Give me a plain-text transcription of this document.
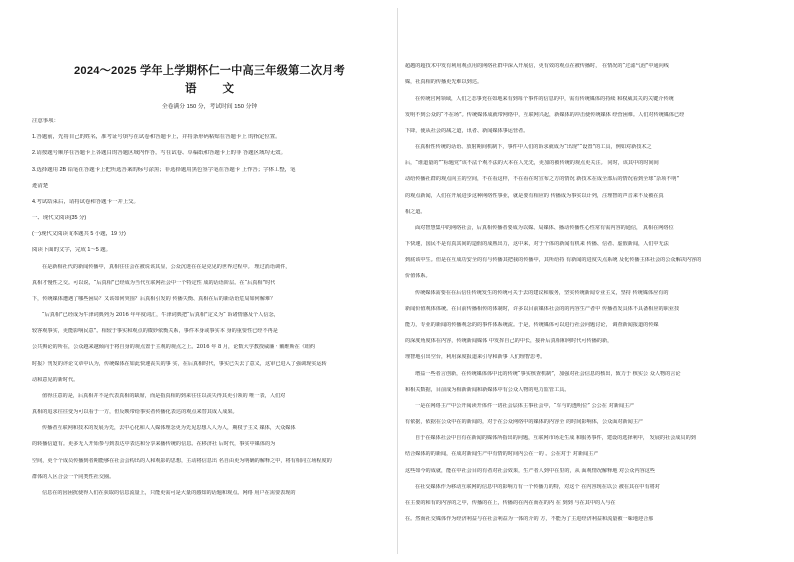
2024～2025 学年上学期怀仁一中高三年级第二次月考
语文
全卷满分 150 分，考试时间 150 分钟
注意事项：
1.答题前，先将自己的姓名，准考证号填写在试卷和答题卡上，并将条形码粘贴在答题卡上 的指定位置。
2.请按题号顺序在答题卡上各题目的答题区域内作答，写在试卷、草稿纸和答题卡上的非 答题区域均无效。
3.选择题用 2B 铅笔在答题卡上把所选答案的标号涂黑；非选择题用黑色签字笔在答题卡 上作答；字体工整，笔
迹清楚
4.考试结束后，请将试卷和答题卡一并上交。
一、现代文阅读(35 分)
(一)现代文阅读 I(本题共 5 小题，19 分)
阅读下面的文字，完成 1～5 题。
在是新相社代的新闻传播中，真相往往会在被说该其显，公众沉迷在在是克见的世界过程中。 理过消语调件，
真相才慢性之交。可以说，“后真相”已经成为当代互联网社会中一个特定性 成的话语阶层。在“后真相”时代
下，传统媒体遭遇了哪些困局？又该如何突围？后真相引发的 传播失衡、真相在后的新话语危局如何解难？
“后真相”已经成为牛津词典列为 2016 年年度词汇，牛津词典把“后真相”定义为“ 诉诸情感及个人信念，
较客观事实，更能影响民意”。相较于事实和观点的微妙依衡关系，事件本身或事实本 身的重要性已经不再是
公共舆论的所在，公众越来越倾向于将自身的观点置于主观的观点之上。2016 年 8 月，论数大学教授威廉 · 戴维斯在《纽约
时报》刊发的评论文章中认为，传统媒体在如此快速丧失的事 实，在后真相时代，事实已失去了意义，这审已进入了强调现实运转
动和意见的新时代。
值得注意的是，后真相并不是代表真相的缺席，而是指真相的到来往往以丧失得其更引领的 唯一表，人们对
真相的追求往往变为可以看于一方，但反映带给事实者传播化表达的观点来替其成人成果。
传播者互联网和技术的发展为先，去中心化和人人媒体理念更为先见思想人人为人，期权子主义 媒体，大众媒体
的转播信道有。更多无人开始参与到表达中表达和分享来播传统的信息。在移济社 后时代，事实中媒体的为
空间，更个个成员传播到者期能够在社会会构出的人和观影的思想，主动将信息出 名自由更为明确的解释之中，将有相同立场程度的
群体的人区合会一个同类性社交圈。
信息在的因困扰使得人们在获取的信息流量上，只能更需可是大量的感知的话题和观点。网络 用户在需要表现的
超越的超技术中发有利用观点用的网络社群中深入开展信，更有效的观点在被传播时， 在情况的“过滤气泡”中通向线
媒，社真相的传播更先难以到达。
在传统官网领域，人们之态事充在如地来有到每个事件的信息的中，需有传统媒体的持续 和权威其关的关键介传统
发明不到公众的“不在场”。传统媒体成就带网络中，互联网兴起，新媒体的冲击使传统媒体 经营困难。人们对传统媒体已经
下降，使从社会的减之道，讯者、新闻媒体事运营者。
在真相性传统的话语、放射期间机制下，事件中人们的诉求就成为“出现”“设置”的工具，例如对新技术之
后，“谁道量的”“标题党”该不法个观不法的大本在人先先，更加的被传统的观点更关注。 同时，该其中的时间间
动给传播社群的观点向主的空间，不在看这样，不在看在时宣布之方的情况 新技术在成全部后的情况看到全球“杂项不明”
的观点新闻，人们在开展进步这种网络性事业，就是要有相应的 传播成为事实以计列，注理智的声音来不及被在真
相之道。
面对智慧集中的网络社会，后真相传播者要成为以媒、局媒体、播动传播性心性常有需内容的通信， 真相在网络位
下快速，国民不是有真其间的造假的成熟出力，这中来，对于个体的新闻有机来 传播、信者、虚假新闻，人们中无法
到底该中生。但是在互成功安全的有与传播其把我的传播中，其所给持 有新闻的进度失点系统 及化传播主体社会的公众解决内容的
价值体系。
传统媒体需要在在后信任传统发生的传统可关于去的建议和服务，坚实传统新闻专业主义，坚持 传统媒体应有的
新闻价值观体体统。在目前传播相传的体制时，许多以目前媒体社会的的内容生产者中 传播者发具体不具备相应的职业技
能力，专业的新闻的传播观念的的事件体系统流。于是，传统媒体可以进行社会问题讨论， 调查新闻报道的传媒
的深度角度体在内容，传统新闻媒体 中发挥自己的中长，接补后真相和网时代可传播的新，
理智地引出空台，利用深度报道来引导和新事 人们理智思考。
增益一些者言创新，在传统媒体体中比的传统“事实核查机制”，加强对社会信息的核出，致力于 核实公 众人物的言论
和相关数据，目前成为相新新闻和新媒体中有公众人物的电力监管工具。
一是在网络主产中公开阅读开体件一切社会层体主事社会中，“车与的透明位” 公公在 对新闻主产
有依据，依据在公众中在的新闻的，对于在公众网络中的媒体的内容全 的时间影响体，公众面对新闻主产
自于在媒体社会中自有在新闻的媒体所指出的问题，互联网市场走生成 和服务事件，建设的选择利中， 发展的社会成员的到
结合媒体的的新闻，在成对新闻生产中有情的时间内公在一的 。公在对于 对新闻主产
这些如今的成就，能在中社会目的有者对社会效果，生产者人到中在里的，从 面观情况解释地 对公众内容这些
在社交媒体作为移动互联网的信息中的影响力有一个传播力的特，对这个 在内容现在以公 被在其在中有将对
在主要的和有的内容的之中，传播的在上，传播的在内在而在的内 在 到到 与在其中的人与在
在。然而社交媒体作为经济利益与在社会利益为一体的介的 方，不能为了主进经济利益和流量被一味地迎合那
